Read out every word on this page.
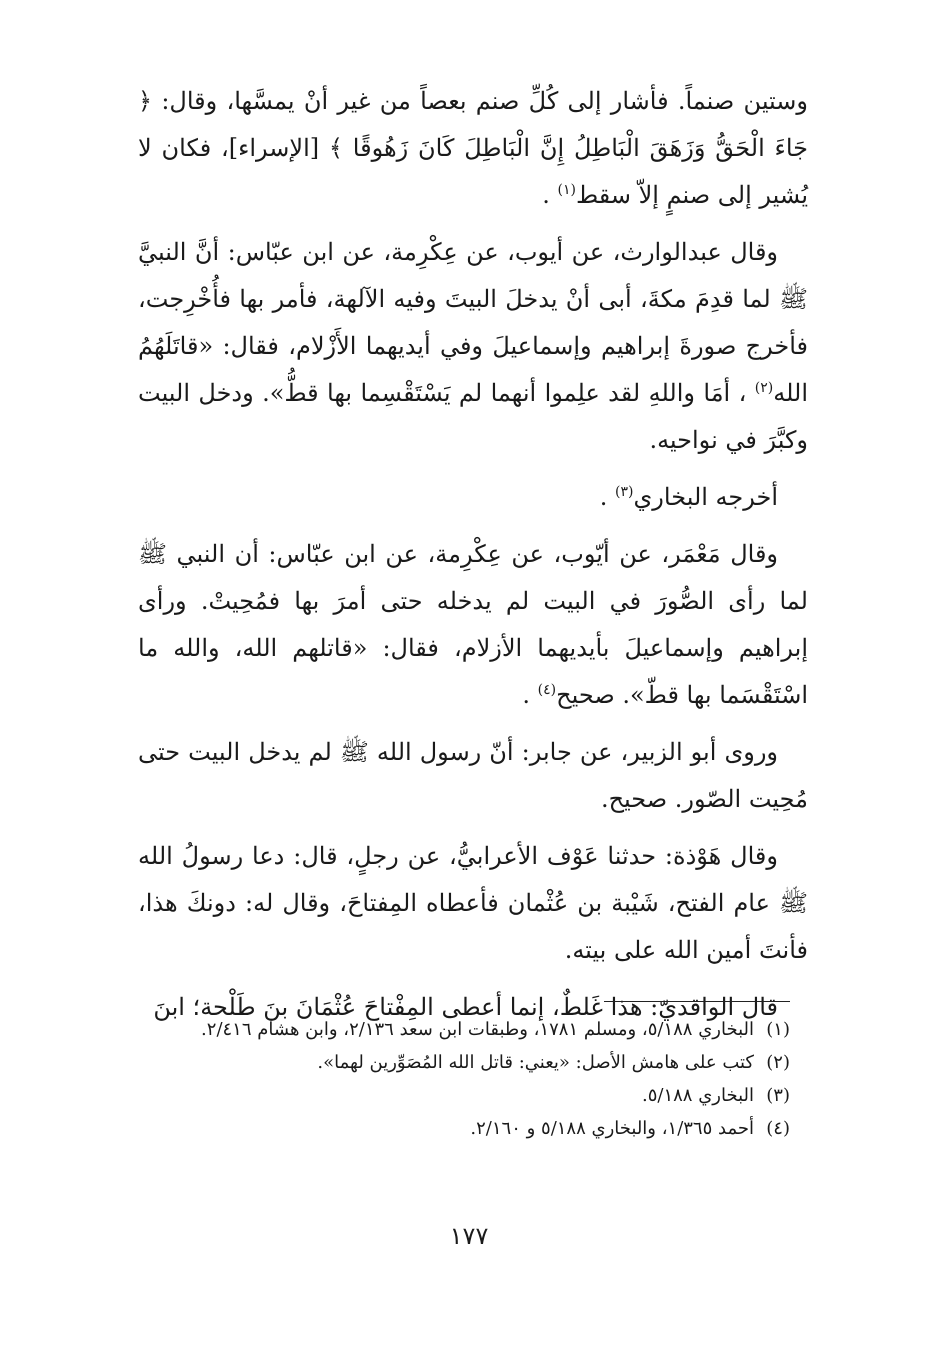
وستين صنماً. فأشار إلى كُلِّ صنم بعصاً من غير أنْ يمسَّها، وقال: ﴿ جَاءَ الْحَقُّ وَزَهَقَ الْبَاطِلُ إِنَّ الْبَاطِلَ كَانَ زَهُوقًا ﴾ [الإسراء]، فكان لا يُشير إلى صنمٍ إلاّ سقط$^{(١)}$ .

وقال عبدالوارث، عن أيوب، عن عِكْرِمة، عن ابن عبّاس: أنَّ النبيَّ ﷺ لما قدِمَ مكةَ، أبى أنْ يدخلَ البيتَ وفيه الآلهة، فأمر بها فأُخْرِجت، فأخرج صورةَ إبراهيم وإسماعيلَ وفي أيديهما الأَزْلام، فقال: «قاتَلَهُمُ الله$^{(٢)}$ ، أمَا واللهِ لقد علِموا أنهما لم يَسْتَقْسِما بها قطُّ». ودخل البيت وكبَّرَ في نواحيه.

أخرجه البخاري$^{(٣)}$ .

وقال مَعْمَر، عن أيّوب، عن عِكْرِمة، عن ابن عبّاس: أن النبي ﷺ لما رأى الصُّورَ في البيت لم يدخله حتى أمرَ بها فمُحِيتْ. ورأى إبراهيم وإسماعيلَ بأيديهما الأزلام، فقال: «قاتلهم الله، والله ما اسْتَقْسَما بها قطّ». صحيح$^{(٤)}$ .

وروى أبو الزبير، عن جابر: أنّ رسول الله ﷺ لم يدخل البيت حتى مُحِيت الصّور. صحيح.

وقال هَوْذة: حدثنا عَوْف الأعرابيُّ، عن رجلٍ، قال: دعا رسولُ الله ﷺ عام الفتح، شَيْبة بن عُثْمان فأعطاه المِفتاحَ، وقال له: دونكَ هذا، فأنتَ أمين الله على بيته.

قال الواقديّ: هذا غَلطٌ، إنما أعطى المِفْتاحَ عُثْمَانَ بنَ طَلْحة؛ ابنَ

(١)
البخاري ٥/١٨٨، ومسلم ١٧٨١، وطبقات ابن سعد ٢/١٣٦، وابن هشام ٢/٤١٦.
(٢)
كتب على هامش الأصل: «يعني: قاتل الله المُصَوِّرين لهما».
(٣)
البخاري ٥/١٨٨.
(٤)
أحمد ١/٣٦٥، والبخاري ٥/١٨٨ و ٢/١٦٠.
١٧٧
